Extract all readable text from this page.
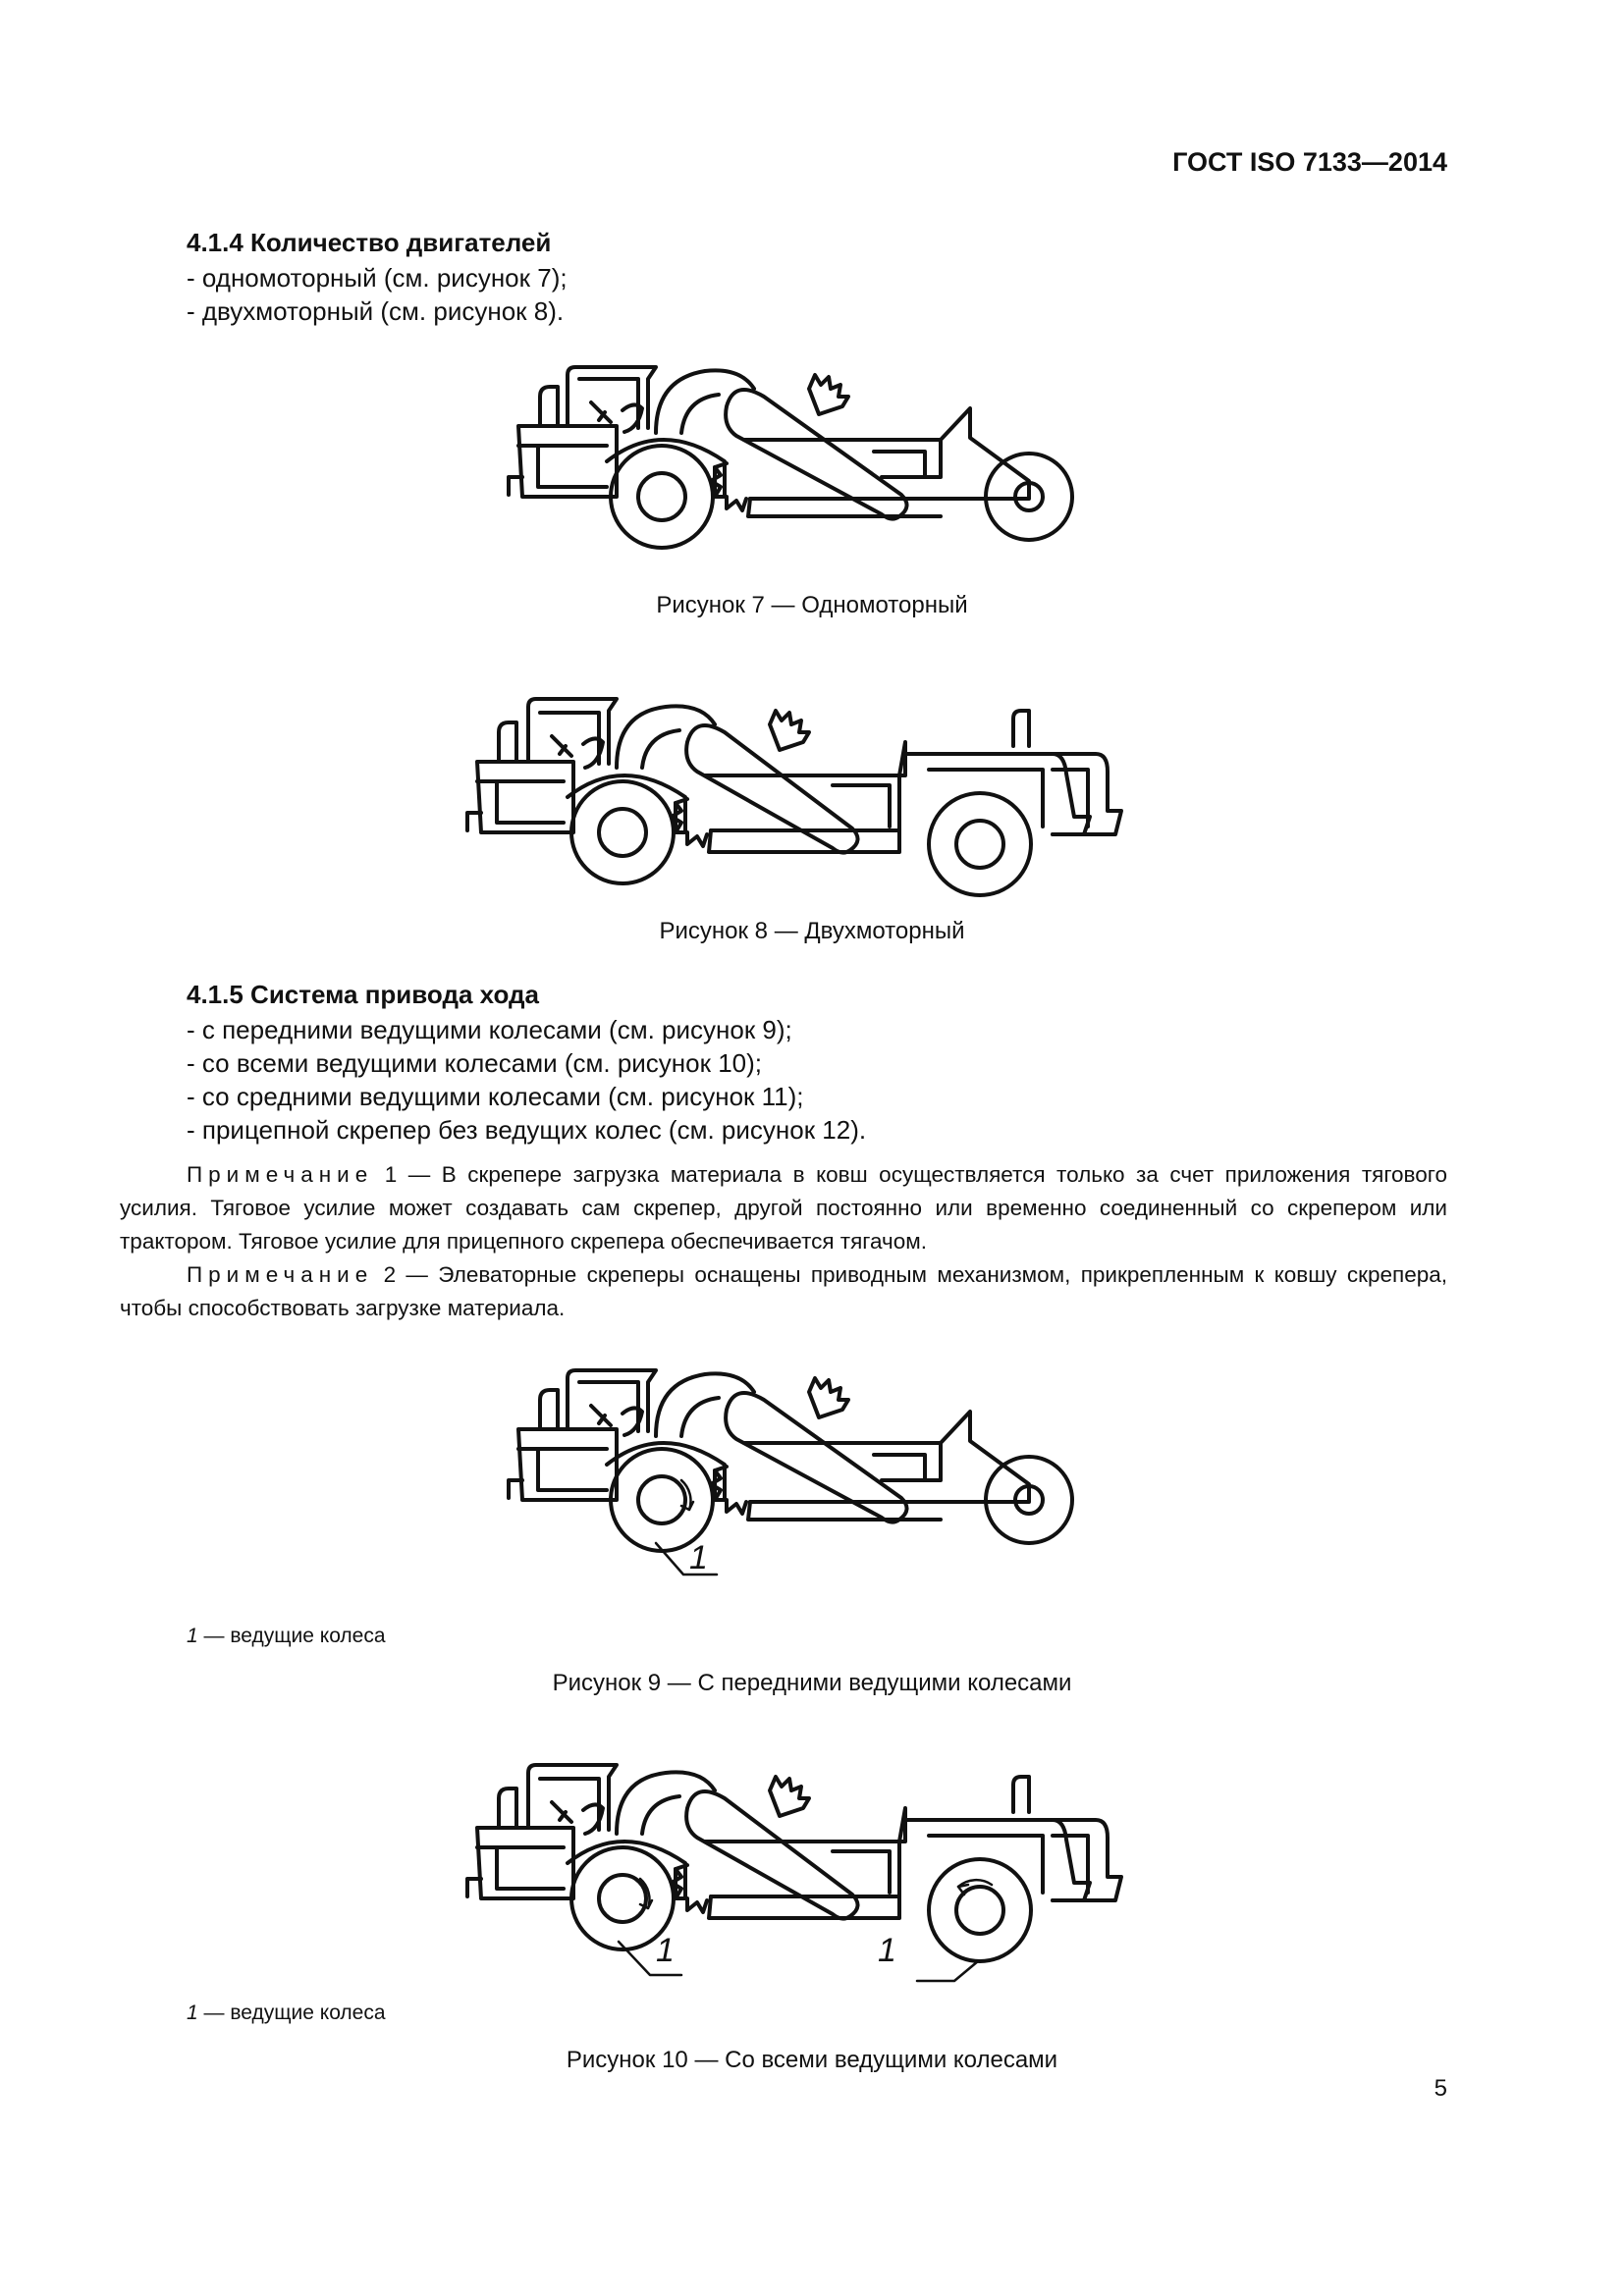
ГОСТ ISO 7133—2014
4.1.4 Количество двигателей
- одномоторный (см. рисунок 7);
- двухмоторный (см. рисунок 8).
Рисунок 7 — Одномоторный
Рисунок 8 — Двухмоторный
4.1.5 Система привода хода
- с передними ведущими колесами (см. рисунок 9);
- со всеми ведущими колесами (см. рисунок 10);
- со средними ведущими колесами (см. рисунок 11);
- прицепной скрепер без ведущих колес (см. рисунок 12).
Примечание 1 — В скрепере загрузка материала в ковш осуществляется только за счет приложения тягового усилия. Тяговое усилие может создавать сам скрепер, другой постоянно или временно соединенный со скрепером или трактором. Тяговое усилие для прицепного скрепера обеспечивается тягачом.
Примечание 2 — Элеваторные скреперы оснащены приводным механизмом, прикрепленным к ковшу скрепера, чтобы способствовать загрузке материала.
1
1 — ведущие колеса
Рисунок 9 — С передними ведущими колесами
1	1
1 — ведущие колеса
Рисунок 10 — Со всеми ведущими колесами
5
